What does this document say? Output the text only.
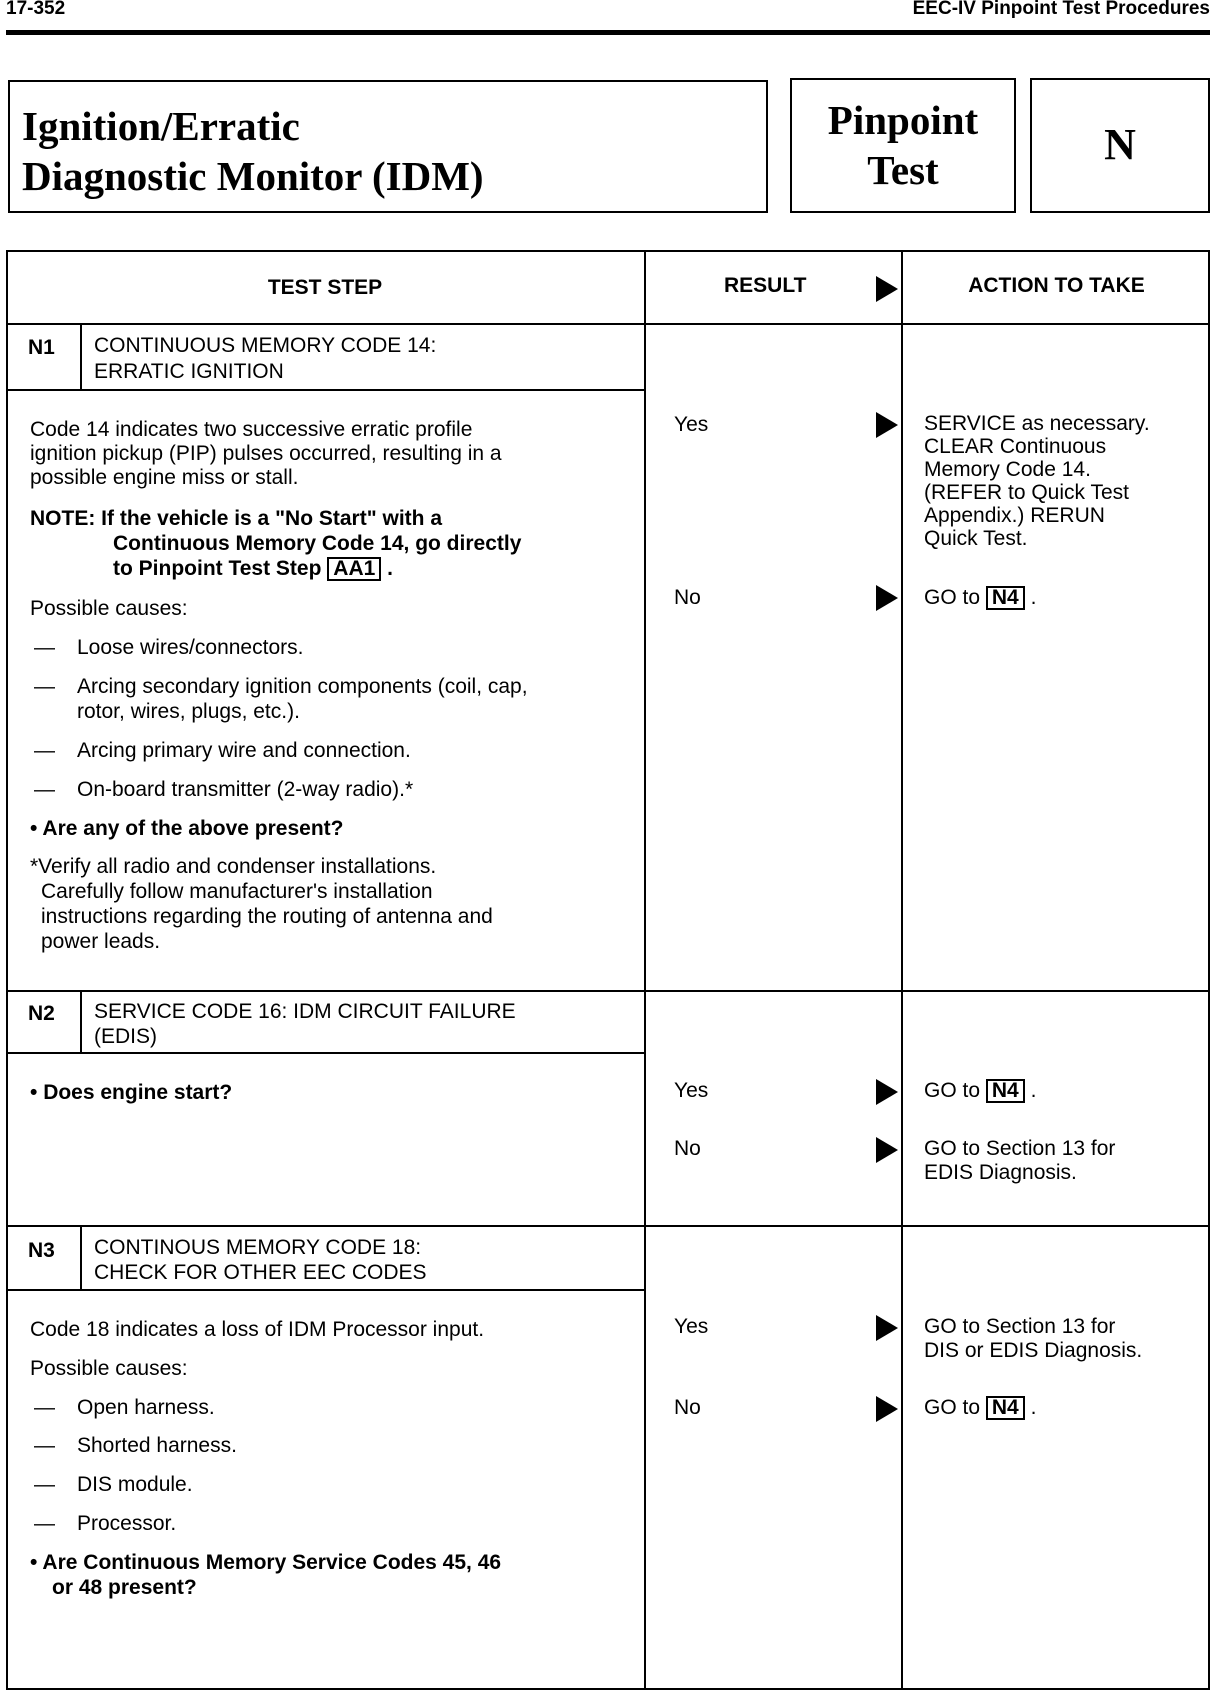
17-352	EEC-IV Pinpoint Test Procedures
Ignition/Erratic
Diagnostic Monitor (IDM)
Pinpoint
Test
N
TEST STEP	RESULT	ACTION TO TAKE
N1 CONTINUOUS MEMORY CODE 14:
ERRATIC IGNITION
Code 14 indicates two successive erratic profile
ignition pickup (PIP) pulses occurred, resulting in a
possible engine miss or stall.
NOTE: If the vehicle is a "No Start" with a
Continuous Memory Code 14, go directly
to Pinpoint Test Step AA1 .
Possible causes:
— Loose wires/connectors.
— Arcing secondary ignition components (coil, cap,
rotor, wires, plugs, etc.).
— Arcing primary wire and connection.
— On-board transmitter (2-way radio).*
• Are any of the above present?
*Verify all radio and condenser installations.
Carefully follow manufacturer's installation
instructions regarding the routing of antenna and
power leads.
Yes	SERVICE as necessary.
CLEAR Continuous
Memory Code 14.
(REFER to Quick Test
Appendix.) RERUN
Quick Test.
No	GO to N4 .
N2 SERVICE CODE 16: IDM CIRCUIT FAILURE
(EDIS)
• Does engine start?	Yes	GO to N4 .
No	GO to Section 13 for
EDIS Diagnosis.
N3 CONTINOUS MEMORY CODE 18:
CHECK FOR OTHER EEC CODES
Code 18 indicates a loss of IDM Processor input.
Possible causes:
— Open harness.
— Shorted harness.
— DIS module.
— Processor.
• Are Continuous Memory Service Codes 45, 46
or 48 present?
Yes	GO to Section 13 for
DIS or EDIS Diagnosis.
No	GO to N4 .
